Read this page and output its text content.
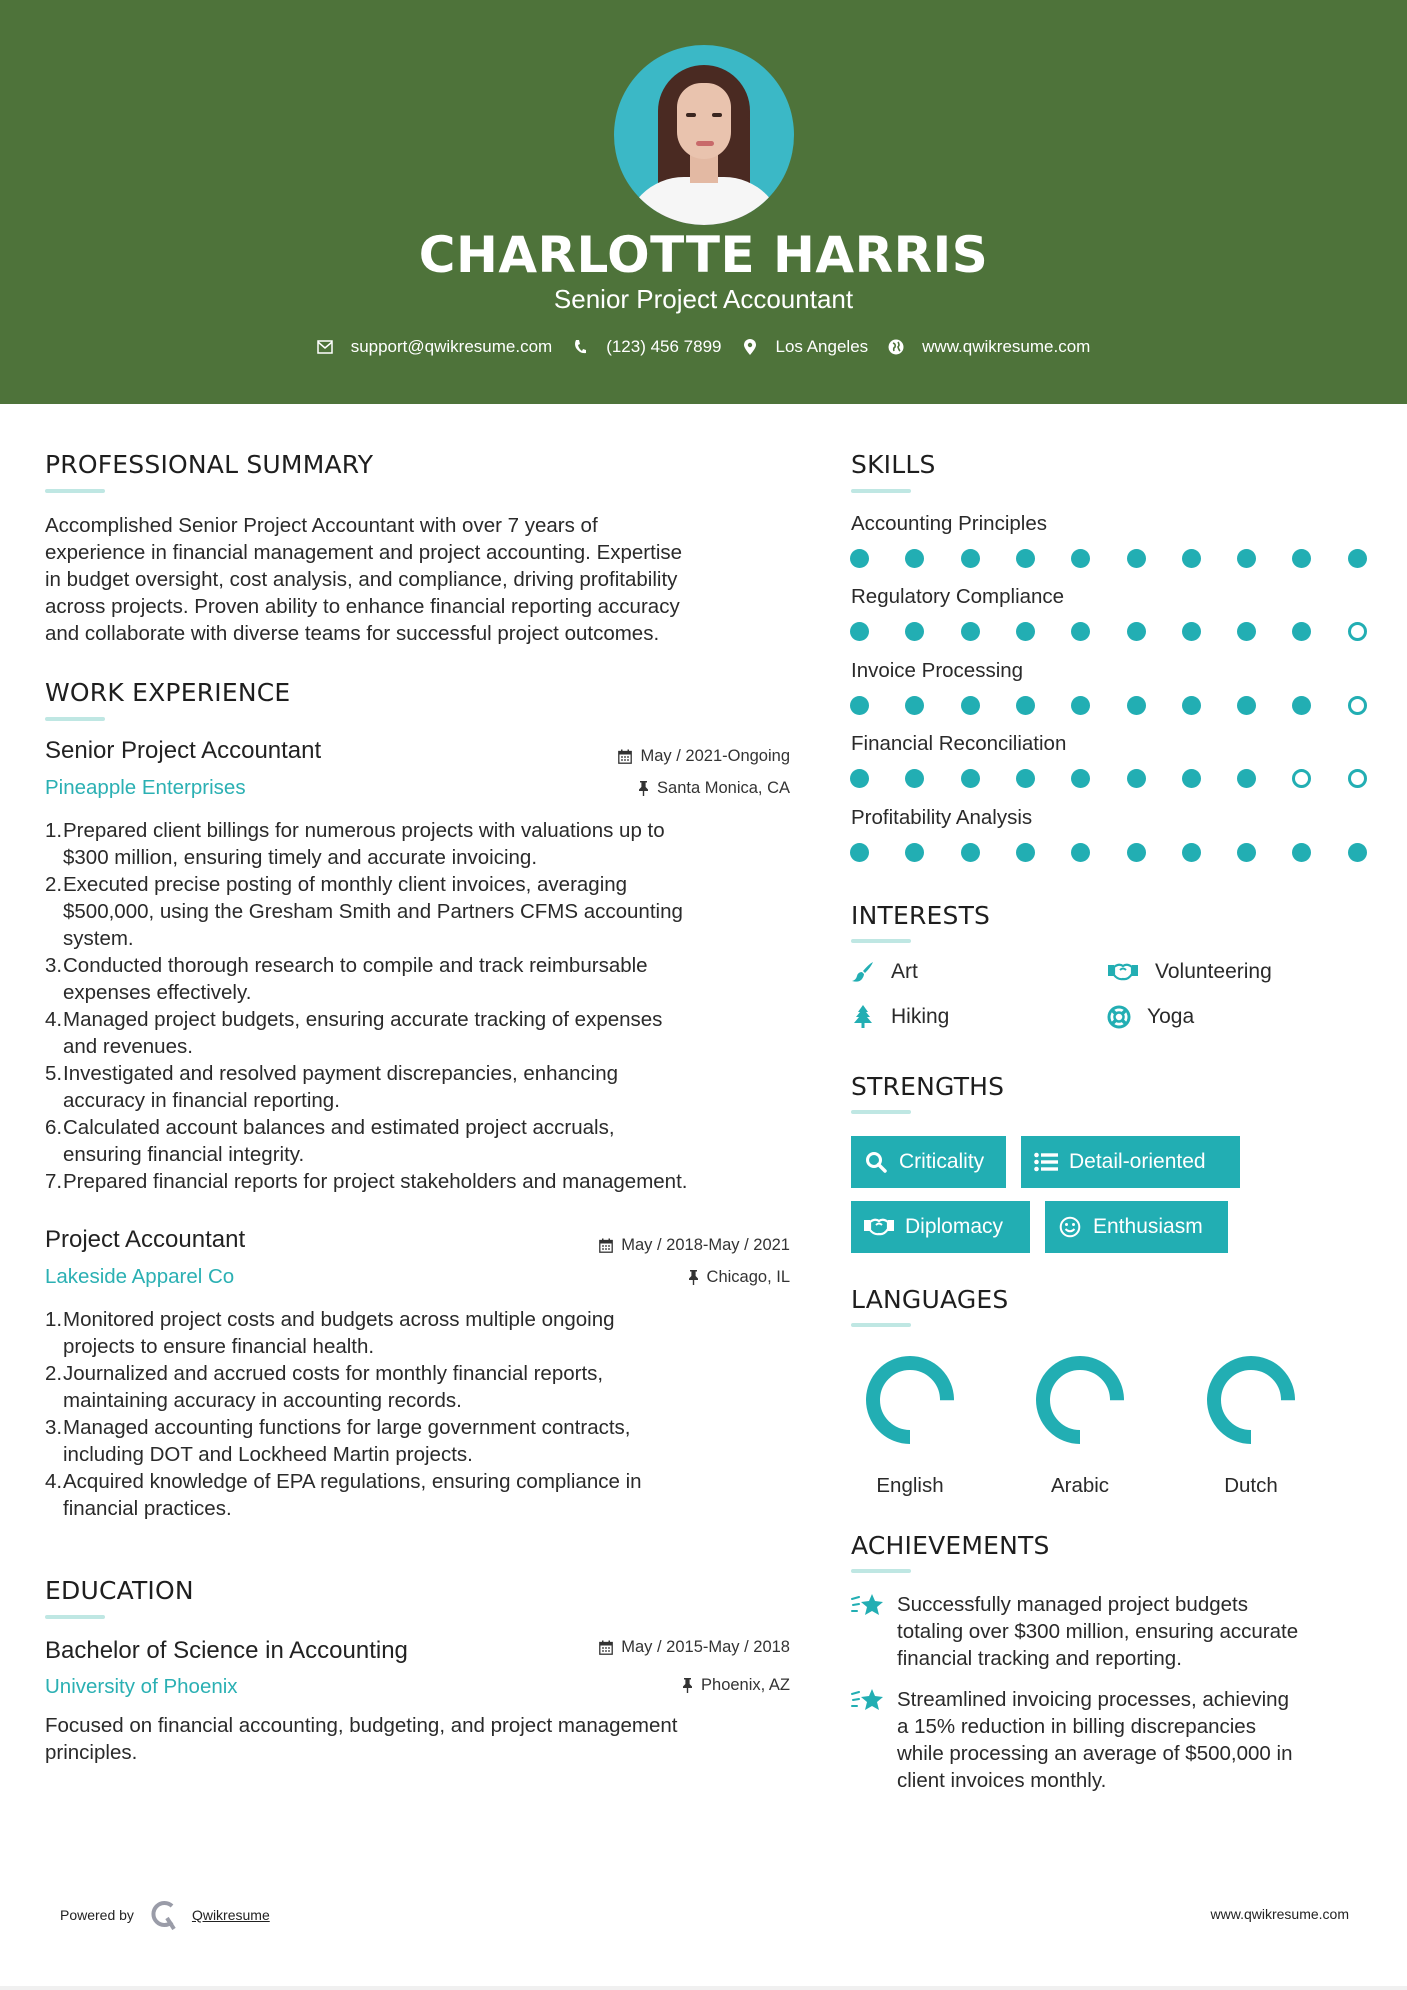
CHARLOTTE HARRIS
Senior Project Accountant
support@qwikresume.com	(123) 456 7899	Los Angeles	www.qwikresume.com
PROFESSIONAL SUMMARY
Accomplished Senior Project Accountant with over 7 years of
experience in financial management and project accounting. Expertise
in budget oversight, cost analysis, and compliance, driving profitability
across projects. Proven ability to enhance financial reporting accuracy
and collaborate with diverse teams for successful project outcomes.
WORK EXPERIENCE
Senior Project Accountant	May / 2021-Ongoing
Pineapple Enterprises	Santa Monica, CA
1. Prepared client billings for numerous projects with valuations up to
$300 million, ensuring timely and accurate invoicing.
2. Executed precise posting of monthly client invoices, averaging
$500,000, using the Gresham Smith and Partners CFMS accounting
system.
3. Conducted thorough research to compile and track reimbursable
expenses effectively.
4. Managed project budgets, ensuring accurate tracking of expenses
and revenues.
5. Investigated and resolved payment discrepancies, enhancing
accuracy in financial reporting.
6. Calculated account balances and estimated project accruals,
ensuring financial integrity.
7. Prepared financial reports for project stakeholders and management.
Project Accountant	May / 2018-May / 2021
Lakeside Apparel Co	Chicago, IL
1. Monitored project costs and budgets across multiple ongoing
projects to ensure financial health.
2. Journalized and accrued costs for monthly financial reports,
maintaining accuracy in accounting records.
3. Managed accounting functions for large government contracts,
including DOT and Lockheed Martin projects.
4. Acquired knowledge of EPA regulations, ensuring compliance in
financial practices.
EDUCATION
Bachelor of Science in Accounting	May / 2015-May / 2018
University of Phoenix	Phoenix, AZ
Focused on financial accounting, budgeting, and project management
principles.
SKILLS
Accounting Principles
Regulatory Compliance
Invoice Processing
Financial Reconciliation
Profitability Analysis
INTERESTS
Art	Volunteering
Hiking	Yoga
STRENGTHS
Criticality	Detail-oriented
Diplomacy	Enthusiasm
LANGUAGES
English	Arabic	Dutch
ACHIEVEMENTS
Successfully managed project budgets
totaling over $300 million, ensuring accurate
financial tracking and reporting.
Streamlined invoicing processes, achieving
a 15% reduction in billing discrepancies
while processing an average of $500,000 in
client invoices monthly.
Powered by	Qwikresume	www.qwikresume.com
